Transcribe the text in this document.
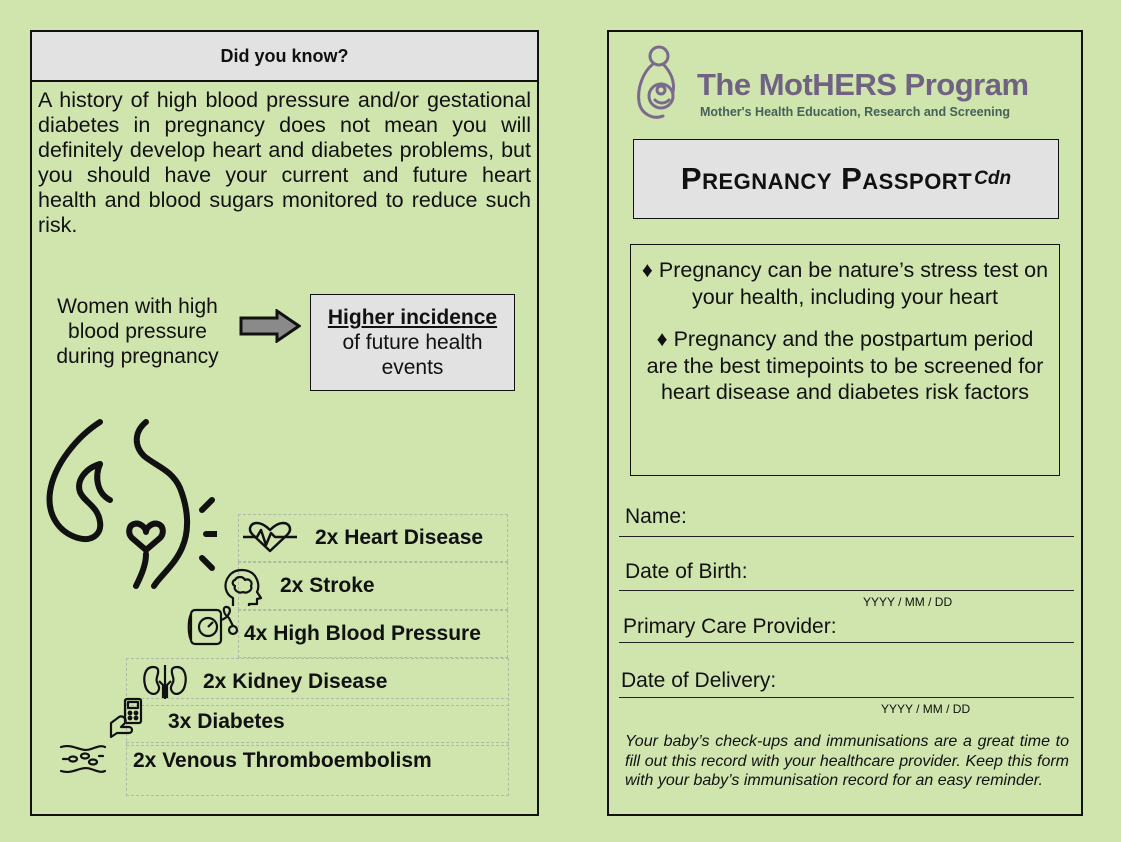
Did you know?
A history of high blood pressure and/or gestational diabetes in pregnancy does not mean you will definitely develop heart and diabetes problems, but you should have your current and future heart health and blood sugars monitored to reduce such risk.
Women with high blood pressure during pregnancy
Higher incidence
of future health events
2x Heart Disease
2x Stroke
4x High Blood Pressure
2x Kidney Disease
3x Diabetes
2x Venous Thromboembolism
The MotHERS Program
Mother's Health Education, Research and Screening
Pregnancy Passport Cdn
♦ Pregnancy can be nature’s stress test on your health, including your heart
♦ Pregnancy and the postpartum period are the best timepoints to be screened for heart disease and diabetes risk factors
Name:
Date of Birth:
YYYY / MM / DD
Primary Care Provider:
Date of Delivery:
YYYY / MM / DD
Your baby’s check-ups and immunisations are a great time to fill out this record with your healthcare provider. Keep this form with your baby’s immunisation record for an easy reminder.
